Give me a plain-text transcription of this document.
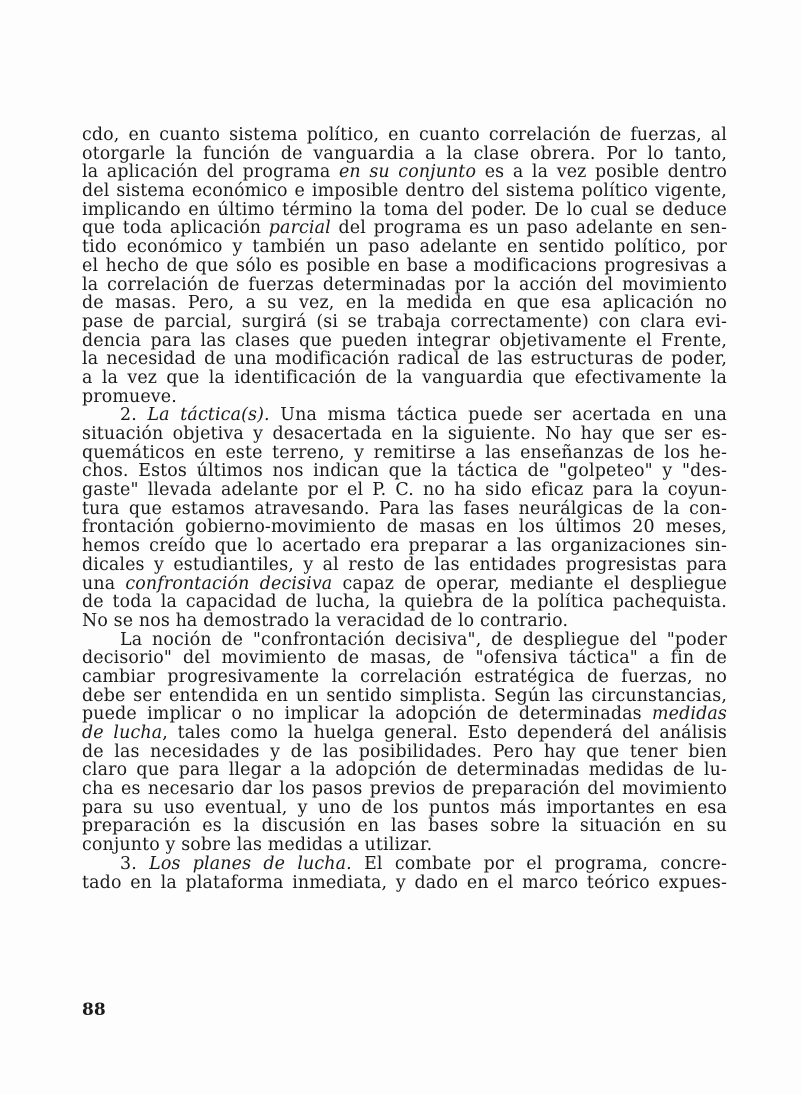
cdo, en cuanto sistema político, en cuanto correlación de fuerzas, al
otorgarle la función de vanguardia a la clase obrera. Por lo tanto,
la aplicación del programa en su conjunto es a la vez posible dentro
del sistema económico e imposible dentro del sistema político vigente,
implicando en último término la toma del poder. De lo cual se deduce
que toda aplicación parcial del programa es un paso adelante en sen-
tido económico y también un paso adelante en sentido político, por
el hecho de que sólo es posible en base a modificacions progresivas a
la correlación de fuerzas determinadas por la acción del movimiento
de masas. Pero, a su vez, en la medida en que esa aplicación no
pase de parcial, surgirá (si se trabaja correctamente) con clara evi-
dencia para las clases que pueden integrar objetivamente el Frente,
la necesidad de una modificación radical de las estructuras de poder,
a la vez que la identificación de la vanguardia que efectivamente la
promueve.
2. La táctica(s). Una misma táctica puede ser acertada en una
situación objetiva y desacertada en la siguiente. No hay que ser es-
quemáticos en este terreno, y remitirse a las enseñanzas de los he-
chos. Estos últimos nos indican que la táctica de "golpeteo" y "des-
gaste" llevada adelante por el P. C. no ha sido eficaz para la coyun-
tura que estamos atravesando. Para las fases neurálgicas de la con-
frontación gobierno-movimiento de masas en los últimos 20 meses,
hemos creído que lo acertado era preparar a las organizaciones sin-
dicales y estudiantiles, y al resto de las entidades progresistas para
una confrontación decisiva capaz de operar, mediante el despliegue
de toda la capacidad de lucha, la quiebra de la política pachequista.
No se nos ha demostrado la veracidad de lo contrario.
La noción de "confrontación decisiva", de despliegue del "poder
decisorio" del movimiento de masas, de "ofensiva táctica" a fin de
cambiar progresivamente la correlación estratégica de fuerzas, no
debe ser entendida en un sentido simplista. Según las circunstancias,
puede implicar o no implicar la adopción de determinadas medidas
de lucha, tales como la huelga general. Esto dependerá del análisis
de las necesidades y de las posibilidades. Pero hay que tener bien
claro que para llegar a la adopción de determinadas medidas de lu-
cha es necesario dar los pasos previos de preparación del movimiento
para su uso eventual, y uno de los puntos más importantes en esa
preparación es la discusión en las bases sobre la situación en su
conjunto y sobre las medidas a utilizar.
3. Los planes de lucha. El combate por el programa, concre-
tado en la plataforma inmediata, y dado en el marco teórico expues-
88
